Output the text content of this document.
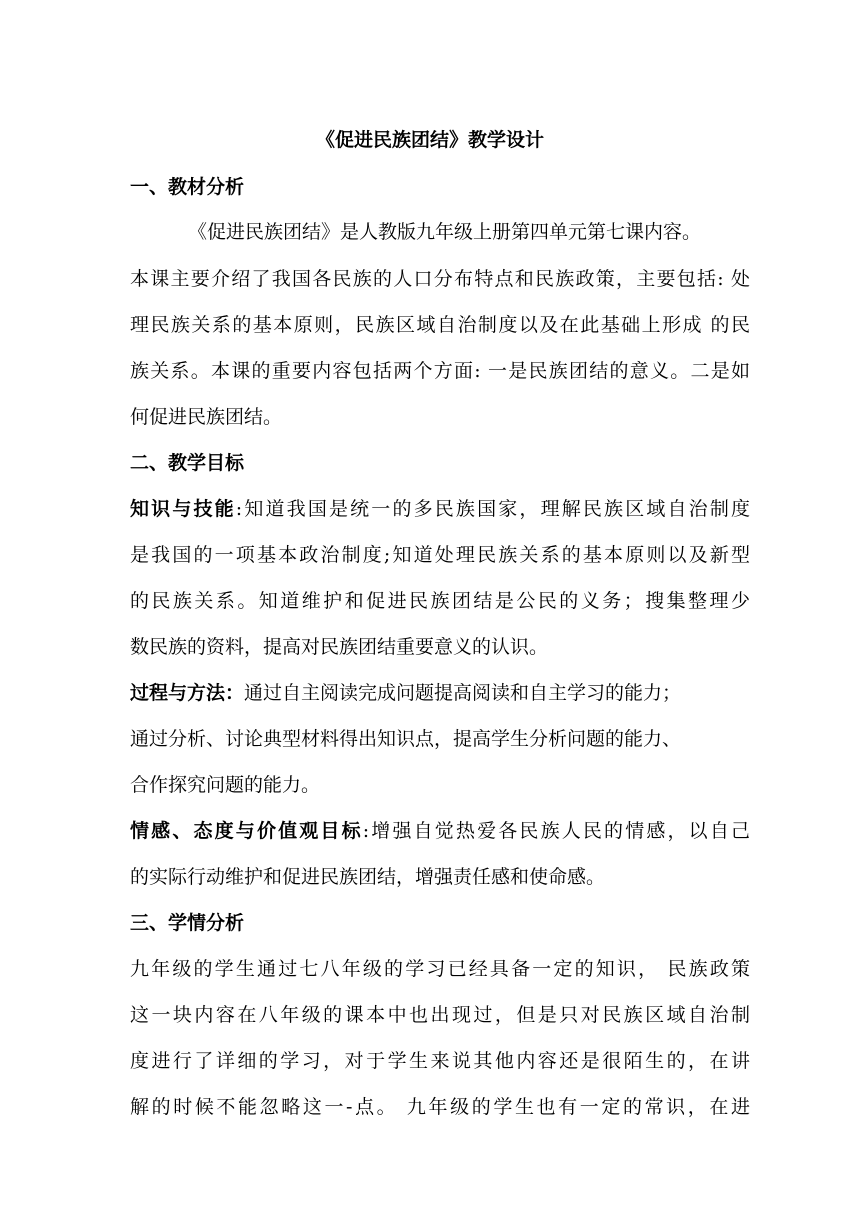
《促进民族团结》教学设计
一、教材分析
《促进民族团结》是人教版九年级上册第四单元第七课内容。
本课主要介绍了我国各民族的人口分布特点和民族政策，主要包括: 处
理民族关系的基本原则，民族区域自治制度以及在此基础上形成 的民
族关系。本课的重要内容包括两个方面: 一是民族团结的意义。二是如
何促进民族团结。
二、教学目标
知识与技能:知道我国是统一的多民族国家，理解民族区域自治制度
是我国的一项基本政治制度;知道处理民族关系的基本原则以及新型
的民族关系。知道维护和促进民族团结是公民的义务；搜集整理少
数民族的资料，提高对民族团结重要意义的认识。
过程与方法：通过自主阅读完成问题提高阅读和自主学习的能力；
通过分析、讨论典型材料得出知识点，提高学生分析问题的能力、
合作探究问题的能力。
情感、态度与价值观目标:增强自觉热爱各民族人民的情感，以自己
的实际行动维护和促进民族团结，增强责任感和使命感。
三、学情分析
九年级的学生通过七八年级的学习已经具备一定的知识， 民族政策
这一块内容在八年级的课本中也出现过，但是只对民族区域自治制
度进行了详细的学习，对于学生来说其他内容还是很陌生的，在讲
解的时候不能忽略这一-点。 九年级的学生也有一定的常识，在进
